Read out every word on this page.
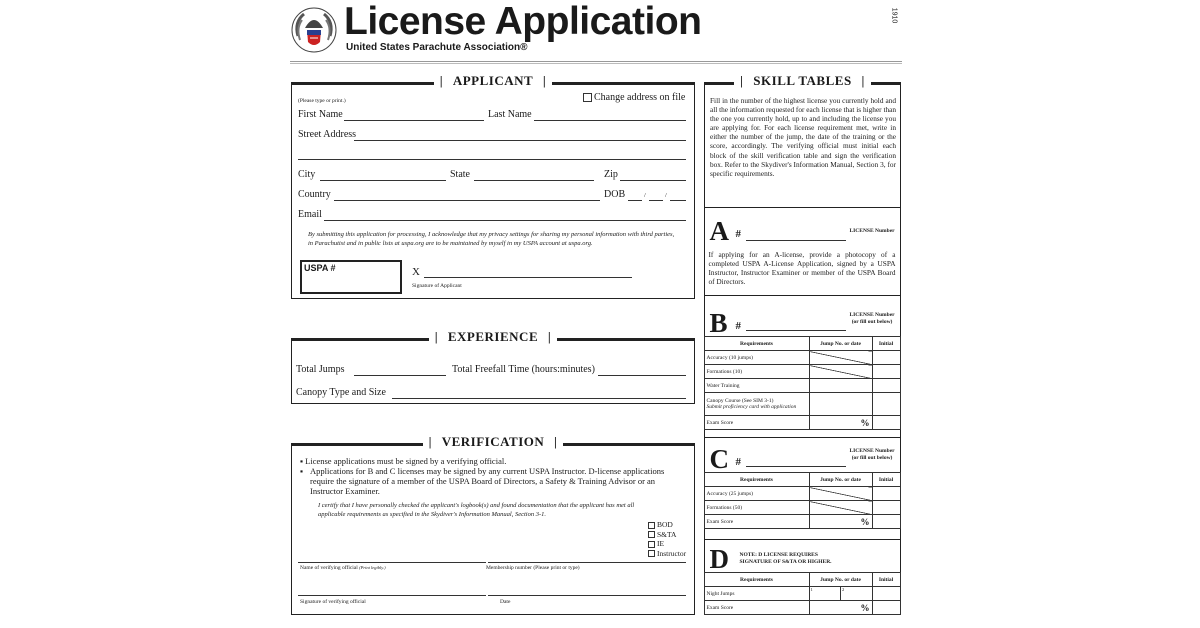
License Application
United States Parachute Association®
1910
| APPLICANT |
(Please type or print.)	Change address on file
First Name	Last Name
Street Address
City	State	Zip
Country	DOB	/	/
Email
By submitting this application for processing, I acknowledge that my privacy settings for sharing my personal information with third parties, in Parachutist and in public lists at uspa.org are to be maintained by myself in my USPA account at uspa.org.
USPA #	X
Signature of Applicant
| EXPERIENCE |
Total Jumps	Total Freefall Time (hours:minutes)
Canopy Type and Size
| VERIFICATION |
▪ License applications must be signed by a verifying official.
▪ Applications for B and C licenses may be signed by any current USPA Instructor. D-license applications require the signature of a member of the USPA Board of Directors, a Safety & Training Advisor or an Instructor Examiner.
I certify that I have personally checked the applicant's logbook(s) and found documentation that the applicant has met all applicable requirements as specified in the Skydiver's Information Manual, Section 3-1.
BOD
S&TA
IE
Instructor
Name of verifying official (Print legibly.)	Membership number (Please print or type)
Signature of verifying official	Date
| SKILL TABLES |
Fill in the number of the highest license you currently hold and all the information requested for each license that is higher than the one you currently hold, up to and including the license you are applying for. For each license requirement met, write in either the number of the jump, the date of the training or the score, accordingly. The verifying official must initial each block of the skill verification table and sign the verification box. Refer to the Skydiver's Information Manual, Section 3, for specific requirements.
A #	LICENSE Number
If applying for an A-license, provide a photocopy of a completed USPA A-License Application, signed by a USPA Instructor, Instructor Examiner or member of the USPA Board of Directors.
B #
LICENSE Number
(or fill out below)
Requirements	Jump No. or date	Initial
Accuracy (10 jumps)		
Formations (10)		
Water Training		
Canopy Course (See SIM 3-1)
Submit proficiency card with application		
Exam Score	%	
C #
LICENSE Number
(or fill out below)
Requirements	Jump No. or date	Initial
Accuracy (25 jumps)		
Formations (50)		
Exam Score	%	
D NOTE: D LICENSE REQUIRES SIGNATURE OF S&TA OR HIGHER.
Requirements	Jump No. or date	Initial
Night Jumps	1 2	

Exam Score	%	
